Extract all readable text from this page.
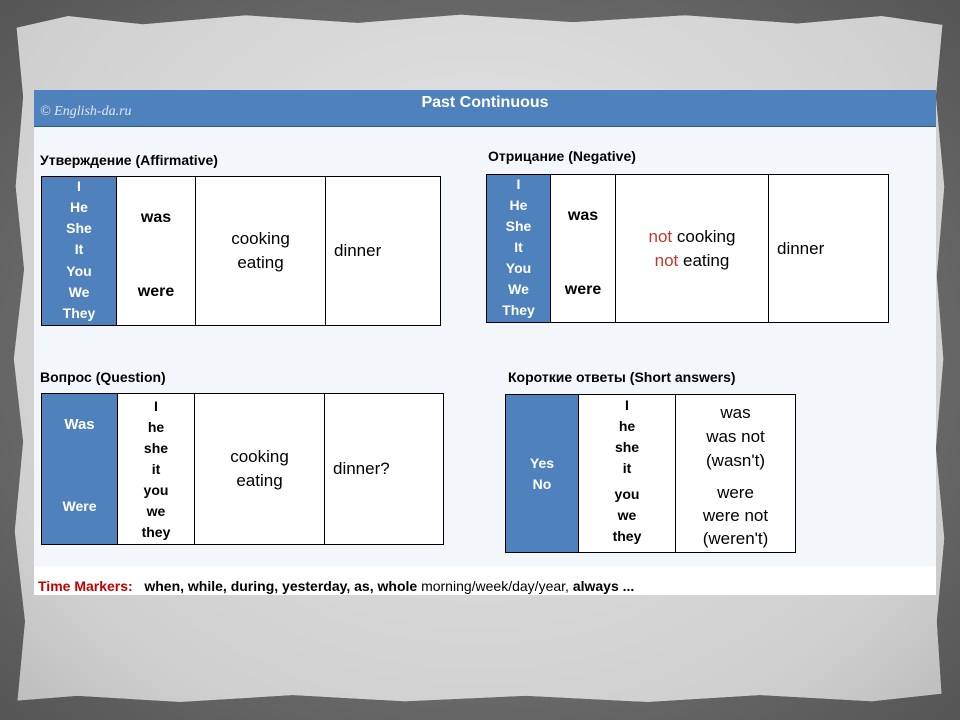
© English-da.ru
Past Continuous
Утверждение (Affirmative)
I
He
She
It
You
We
They
was
were
cooking
eating
dinner
Отрицание (Negative)
I
He
She
It
You
We
They
was
were
not cooking
not eating
dinner
Вопрос (Question)
Was
Were
I
he
she
it
you
we
they
cooking
eating
dinner?
Короткие ответы (Short answers)
Yes
No
I
he
she
it
you
we
they
was
was not
(wasn't)
were
were not
(weren't)
Time Markers: when, while, during, yesterday, as, whole morning/week/day/year, always ...
